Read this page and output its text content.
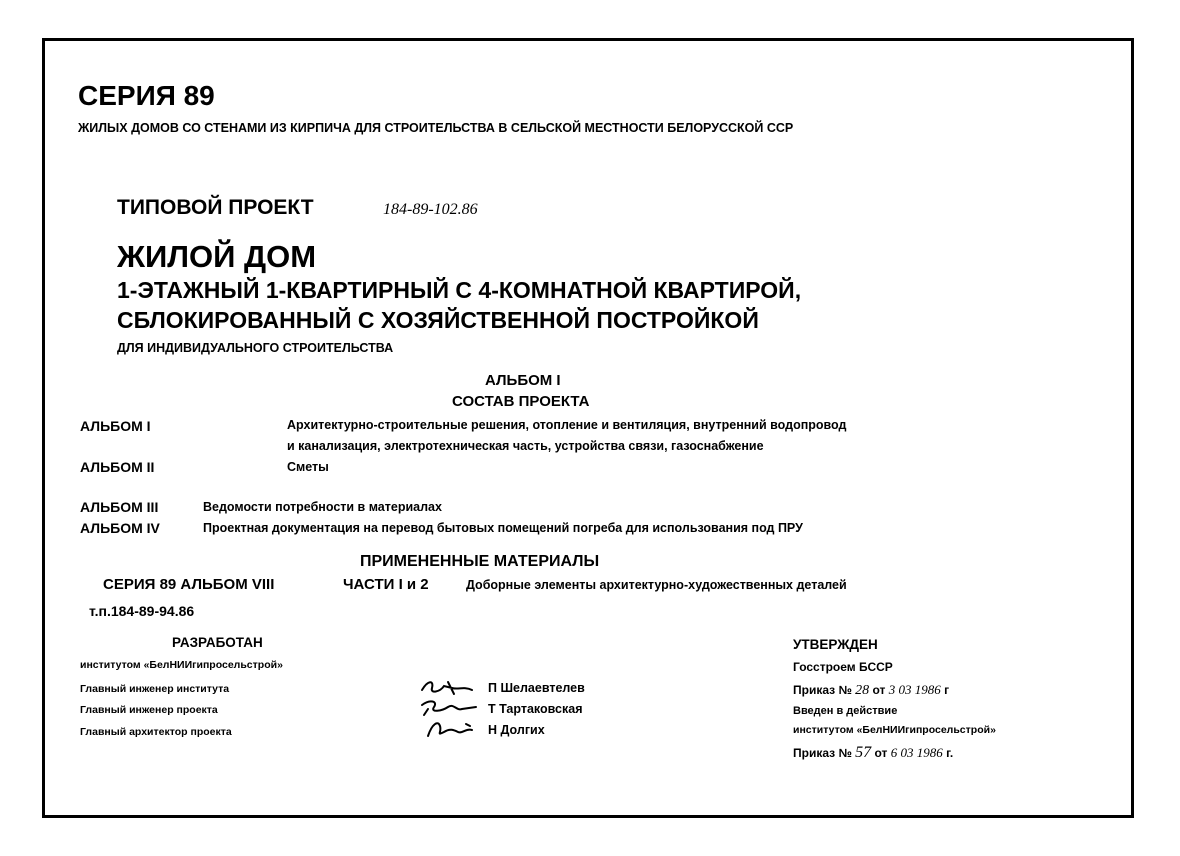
СЕРИЯ 89
ЖИЛЫХ ДОМОВ СО СТЕНАМИ ИЗ КИРПИЧА ДЛЯ СТРОИТЕЛЬСТВА В СЕЛЬСКОЙ МЕСТНОСТИ БЕЛОРУССКОЙ ССР
ТИПОВОЙ ПРОЕКТ	184-89-102.86
ЖИЛОЙ ДОМ
1-ЭТАЖНЫЙ 1-КВАРТИРНЫЙ С 4-КОМНАТНОЙ КВАРТИРОЙ,
СБЛОКИРОВАННЫЙ С ХОЗЯЙСТВЕННОЙ ПОСТРОЙКОЙ
ДЛЯ ИНДИВИДУАЛЬНОГО СТРОИТЕЛЬСТВА
АЛЬБОМ I
СОСТАВ ПРОЕКТА
АЛЬБОМ I	Архитектурно-строительные решения, отопление и вентиляция, внутренний водопровод
и канализация, электротехническая часть, устройства связи, газоснабжение
АЛЬБОМ II	Сметы
АЛЬБОМ III	Ведомости потребности в материалах
АЛЬБОМ IV	Проектная документация на перевод бытовых помещений погреба для использования под ПРУ
ПРИМЕНЕННЫЕ МАТЕРИАЛЫ
СЕРИЯ 89 АЛЬБОМ VIII	ЧАСТИ I и 2	Доборные элементы архитектурно-художественных деталей
т.п.184-89-94.86
РАЗРАБОТАН
институтом «БелНИИгипросельстрой»
Главный инженер института	П Шелаевтелев
Главный инженер проекта	Т Тартаковская
Главный архитектор проекта	Н Долгих
УТВЕРЖДЕН
Госстроем БССР
Приказ № 28 от 3 03 1986 г
Введен в действие
институтом «БелНИИгипросельстрой»
Приказ № 57 от 6 03 1986 г.
